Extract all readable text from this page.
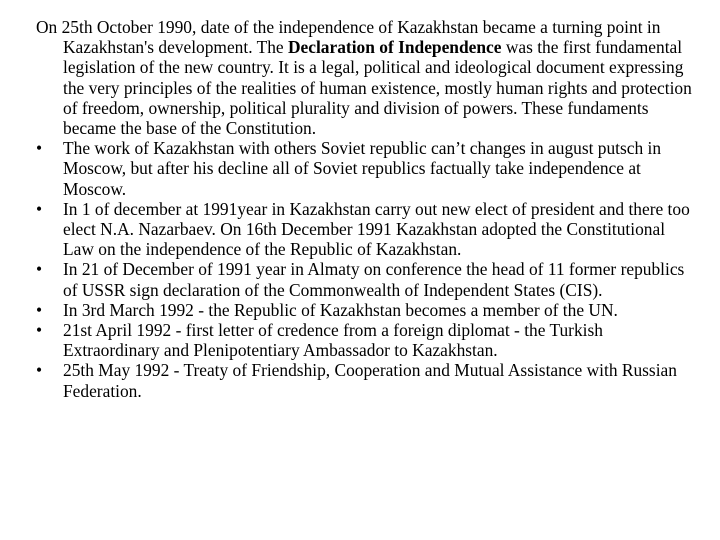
On 25th October 1990, date of the independence of Kazakhstan became a turning point in Kazakhstan's development. The Declaration of Independence was the first fundamental legislation of the new country. It is a legal, political and ideological document expressing the very principles of the realities of human existence, mostly human rights and protection of freedom, ownership, political plurality and division of powers. These fundaments became the base of the Constitution.

• The work of Kazakhstan with others Soviet republic can’t changes in august putsch in Moscow, but after his decline all of Soviet republics factually take independence at Moscow.
• In 1 of december at 1991year in Kazakhstan carry out new elect of president and there too elect N.A. Nazarbaev. On 16th December 1991 Kazakhstan adopted the Constitutional Law on the independence of the Republic of Kazakhstan.
• In 21 of December of 1991 year in Almaty on conference the head of 11 former republics of USSR sign declaration of the Commonwealth of Independent States (CIS).
• In 3rd March 1992 - the Republic of Kazakhstan becomes a member of the UN.
• 21st April 1992 - first letter of credence from a foreign diplomat - the Turkish Extraordinary and Plenipotentiary Ambassador to Kazakhstan.
• 25th May 1992 - Treaty of Friendship, Cooperation and Mutual Assistance with Russian Federation.
